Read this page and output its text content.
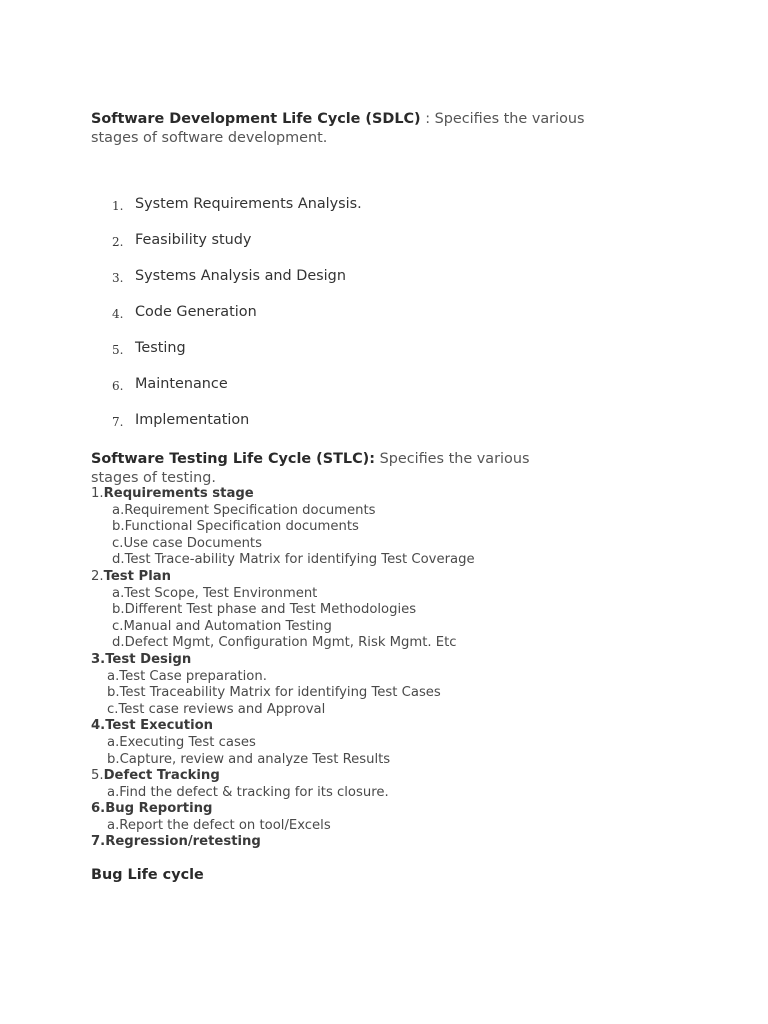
Software Development Life Cycle (SDLC) : Specifies the various
stages of software development.
1. System Requirements Analysis.
2. Feasibility study
3. Systems Analysis and Design
4. Code Generation
5. Testing
6. Maintenance
7. Implementation
Software Testing Life Cycle (STLC): Specifies the various
stages of testing.
1.Requirements stage
a.Requirement Specification documents
b.Functional Specification documents
c.Use case Documents
d.Test Trace-ability Matrix for identifying Test Coverage
2.Test Plan
a.Test Scope, Test Environment
b.Different Test phase and Test Methodologies
c.Manual and Automation Testing
d.Defect Mgmt, Configuration Mgmt, Risk Mgmt. Etc
3.Test Design
a.Test Case preparation.
b.Test Traceability Matrix for identifying Test Cases
c.Test case reviews and Approval
4.Test Execution
a.Executing Test cases
b.Capture, review and analyze Test Results
5.Defect Tracking
a.Find the defect & tracking for its closure.
6.Bug Reporting
a.Report the defect on tool/Excels
7.Regression/retesting
Bug Life cycle
